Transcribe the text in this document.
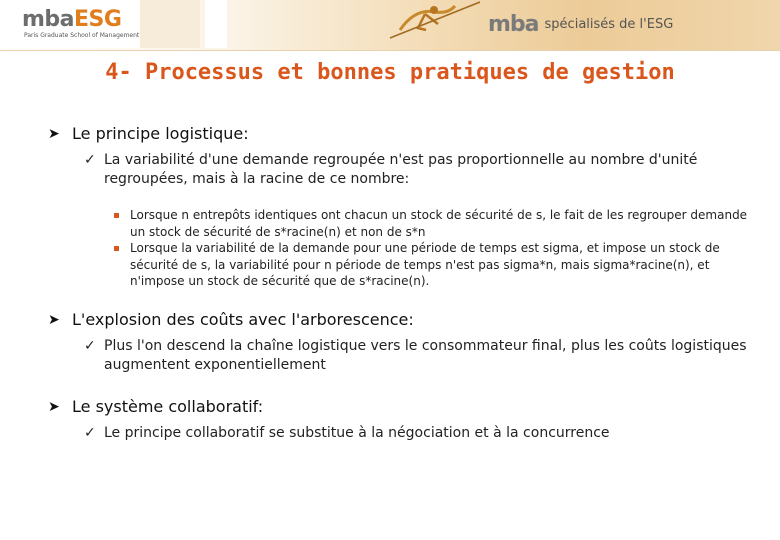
mbaESG
Paris Graduate School of Management	mba spécialisés de l'ESG
4- Processus et bonnes pratiques de gestion
➤ Le principe logistique:
✓ La variabilité d'une demande regroupée n'est pas proportionnelle au nombre d'unité regroupées, mais à la racine de ce nombre:
Lorsque n entrepôts identiques ont chacun un stock de sécurité de s, le fait de les regrouper demande un stock de sécurité de s*racine(n) et non de s*n
Lorsque la variabilité de la demande pour une période de temps est sigma, et impose un stock de sécurité de s, la variabilité pour n période de temps n'est pas sigma*n, mais sigma*racine(n), et n'impose un stock de sécurité que de s*racine(n).
➤ L'explosion des coûts avec l'arborescence:
✓ Plus l'on descend la chaîne logistique vers le consommateur final, plus les coûts logistiques augmentent exponentiellement
➤ Le système collaboratif:
✓ Le principe collaboratif se substitue à la négociation et à la concurrence
